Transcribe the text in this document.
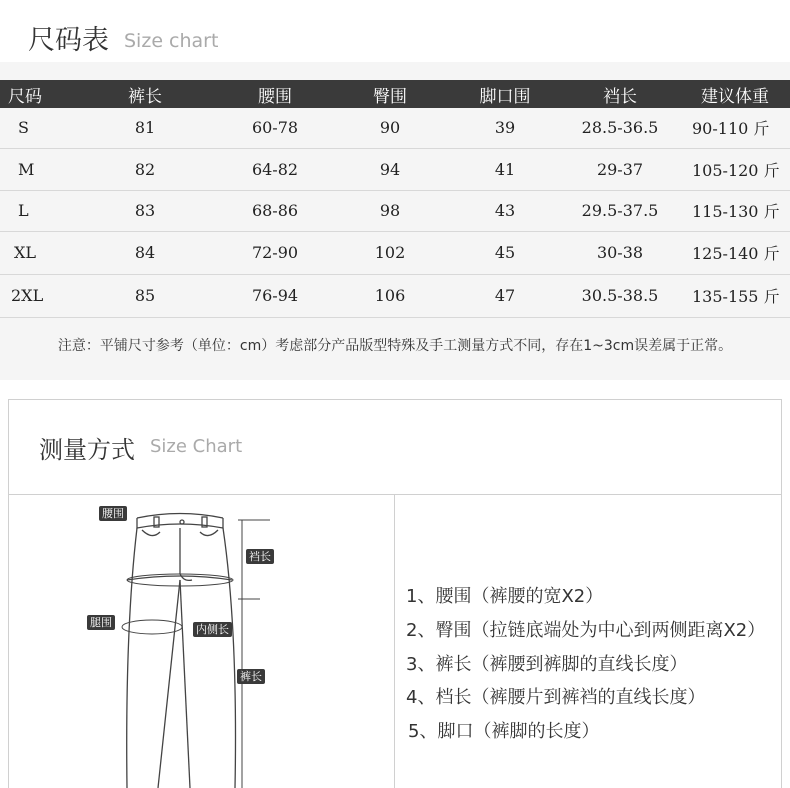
尺码表 Size chart
尺码	裤长	腰围	臀围	脚口围	裆长	建议体重
S	81	60-78	90	39	28.5-36.5	90-110 斤
M	82	64-82	94	41	29-37	105-120 斤
L	83	68-86	98	43	29.5-37.5	115-130 斤
XL	84	72-90	102	45	30-38	125-140 斤
2XL	85	76-94	106	47	30.5-38.5	135-155 斤
注意：平铺尺寸参考（单位：cm）考虑部分产品版型特殊及手工测量方式不同，存在1~3cm误差属于正常。
测量方式 Size Chart
腰围
裆长
腿围
内侧长
裤长
1、腰围（裤腰的宽X2）
2、臀围（拉链底端处为中心到两侧距离X2）
3、裤长（裤腰到裤脚的直线长度）
4、档长（裤腰片到裤裆的直线长度）
5、脚口（裤脚的长度）
